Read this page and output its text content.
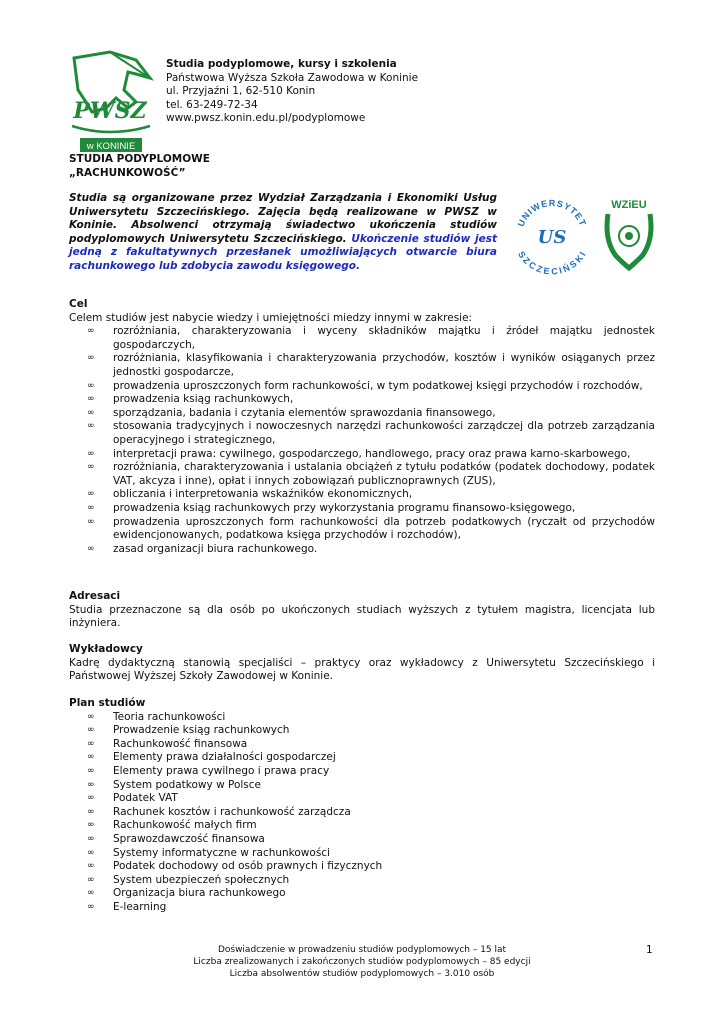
PWSZ
w KONINIE
Studia podyplomowe, kursy i szkolenia
Państwowa Wyższa Szkoła Zawodowa w Koninie
ul. Przyjaźni 1, 62-510 Konin
tel. 63-249-72-34
www.pwsz.konin.edu.pl/podyplomowe
STUDIA PODYPLOMOWE
„RACHUNKOWOŚĆ”
Studia są organizowane przez Wydział Zarządzania i Ekonomiki Usług Uniwersytetu Szczecińskiego. Zajęcia będą realizowane w PWSZ w Koninie. Absolwenci otrzymają świadectwo ukończenia studiów podyplomowych Uniwersytetu Szczecińskiego. Ukończenie studiów jest jedną z fakultatywnych przesłanek umożliwiających otwarcie biura rachunkowego lub zdobycia zawodu księgowego.
UNIWERSYTET
SZCZECIŃSKI
US
WZiEU
Cel

Celem studiów jest nabycie wiedzy i umiejętności miedzy innymi w zakresie:

∞ rozróżniania, charakteryzowania i wyceny składników majątku i źródeł majątku jednostek gospodarczych,
∞ rozróżniania, klasyfikowania i charakteryzowania przychodów, kosztów i wyników osiąganych przez jednostki gospodarcze,
∞ prowadzenia uproszczonych form rachunkowości, w tym podatkowej księgi przychodów i rozchodów,
∞ prowadzenia ksiąg rachunkowych,
∞ sporządzania, badania i czytania elementów sprawozdania finansowego,
∞ stosowania tradycyjnych i nowoczesnych narzędzi rachunkowości zarządczej dla potrzeb zarządzania operacyjnego i strategicznego,
∞ interpretacji prawa: cywilnego, gospodarczego, handlowego, pracy oraz prawa karno-skarbowego,
∞ rozróżniania, charakteryzowania i ustalania obciążeń z tytułu podatków (podatek dochodowy, podatek VAT, akcyza i inne), opłat i innych zobowiązań publicznoprawnych (ZUS),
∞ obliczania i interpretowania wskaźników ekonomicznych,
∞ prowadzenia ksiąg rachunkowych przy wykorzystania programu finansowo-księgowego,
∞ prowadzenia uproszczonych form rachunkowości dla potrzeb podatkowych (ryczałt od przychodów ewidencjonowanych, podatkowa księga przychodów i rozchodów),
∞ zasad organizacji biura rachunkowego.
Adresaci

Studia przeznaczone są dla osób po ukończonych studiach wyższych z tytułem magistra, licencjata lub inżyniera.

Wykładowcy

Kadrę dydaktyczną stanowią specjaliści – praktycy oraz wykładowcy z Uniwersytetu Szczecińskiego i Państwowej Wyższej Szkoły Zawodowej w Koninie.

Plan studiów
∞ Teoria rachunkowości
∞ Prowadzenie ksiąg rachunkowych
∞ Rachunkowość finansowa
∞ Elementy prawa działalności gospodarczej
∞ Elementy prawa cywilnego i prawa pracy
∞ System podatkowy w Polsce
∞ Podatek VAT
∞ Rachunek kosztów i rachunkowość zarządcza
∞ Rachunkowość małych firm
∞ Sprawozdawczość finansowa
∞ Systemy informatyczne w rachunkowości
∞ Podatek dochodowy od osób prawnych i fizycznych
∞ System ubezpieczeń społecznych
∞ Organizacja biura rachunkowego
∞ E-learning
Doświadczenie w prowadzeniu studiów podyplomowych – 15 lat
Liczba zrealizowanych i zakończonych studiów podyplomowych – 85 edycji
Liczba absolwentów studiów podyplomowych – 3.010 osób
1
